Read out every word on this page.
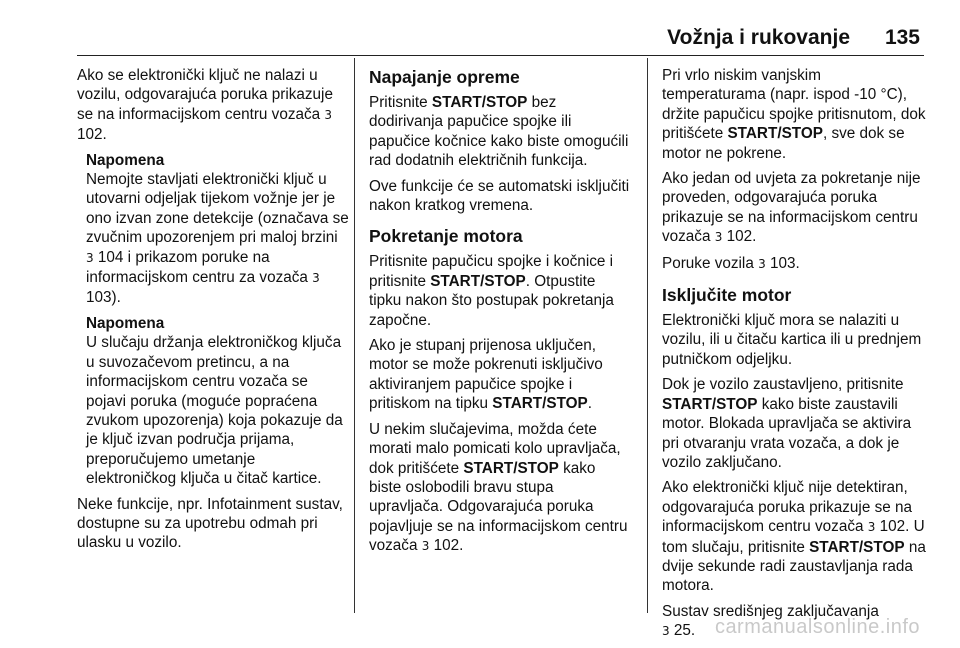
Vožnja i rukovanje 135

Ako se elektronički ključ ne nalazi u vozilu, odgovarajuća poruka prikazuje se na informacijskom centru vozača 3 102.

Napomena

Nemojte stavljati elektronički ključ u utovarni odjeljak tijekom vožnje jer je ono izvan zone detekcije (označava se zvučnim upozorenjem pri maloj brzini 3 104 i prikazom poruke na informacijskom centru za vozača 3 103).

Napomena

U slučaju držanja elektroničkog ključa u suvozačevom pretincu, a na informacijskom centru vozača se pojavi poruka (moguće popraćena zvukom upozorenja) koja pokazuje da je ključ izvan područja prijama, preporučujemo umetanje elektroničkog ključa u čitač kartice.

Neke funkcije, npr. Infotainment sustav, dostupne su za upotrebu odmah pri ulasku u vozilo.

Napajanje opreme

Pritisnite START/STOP bez dodirivanja papučice spojke ili papučice kočnice kako biste omogućili rad dodatnih električnih funkcija.

Ove funkcije će se automatski isključiti nakon kratkog vremena.

Pokretanje motora

Pritisnite papučicu spojke i kočnice i pritisnite START/STOP. Otpustite tipku nakon što postupak pokretanja započne.

Ako je stupanj prijenosa uključen, motor se može pokrenuti isključivo aktiviranjem papučice spojke i pritiskom na tipku START/STOP.

U nekim slučajevima, možda ćete morati malo pomicati kolo upravljača, dok pritišćete START/STOP kako biste oslobodili bravu stupa upravljača. Odgovarajuća poruka pojavljuje se na informacijskom centru vozača 3 102.

Pri vrlo niskim vanjskim temperaturama (napr. ispod -10 °C), držite papučicu spojke pritisnutom, dok pritišćete START/STOP, sve dok se motor ne pokrene.

Ako jedan od uvjeta za pokretanje nije proveden, odgovarajuća poruka prikazuje se na informacijskom centru vozača 3 102.

Poruke vozila 3 103.

Isključite motor

Elektronički ključ mora se nalaziti u vozilu, ili u čitaču kartica ili u prednjem putničkom odjeljku.

Dok je vozilo zaustavljeno, pritisnite START/STOP kako biste zaustavili motor. Blokada upravljača se aktivira pri otvaranju vrata vozača, a dok je vozilo zaključano.

Ako elektronički ključ nije detektiran, odgovarajuća poruka prikazuje se na informacijskom centru vozača 3 102. U tom slučaju, pritisnite START/STOP na dvije sekunde radi zaustavljanja rada motora.

Sustav središnjeg zaključavanja
3 25. carmanualsonline.info
